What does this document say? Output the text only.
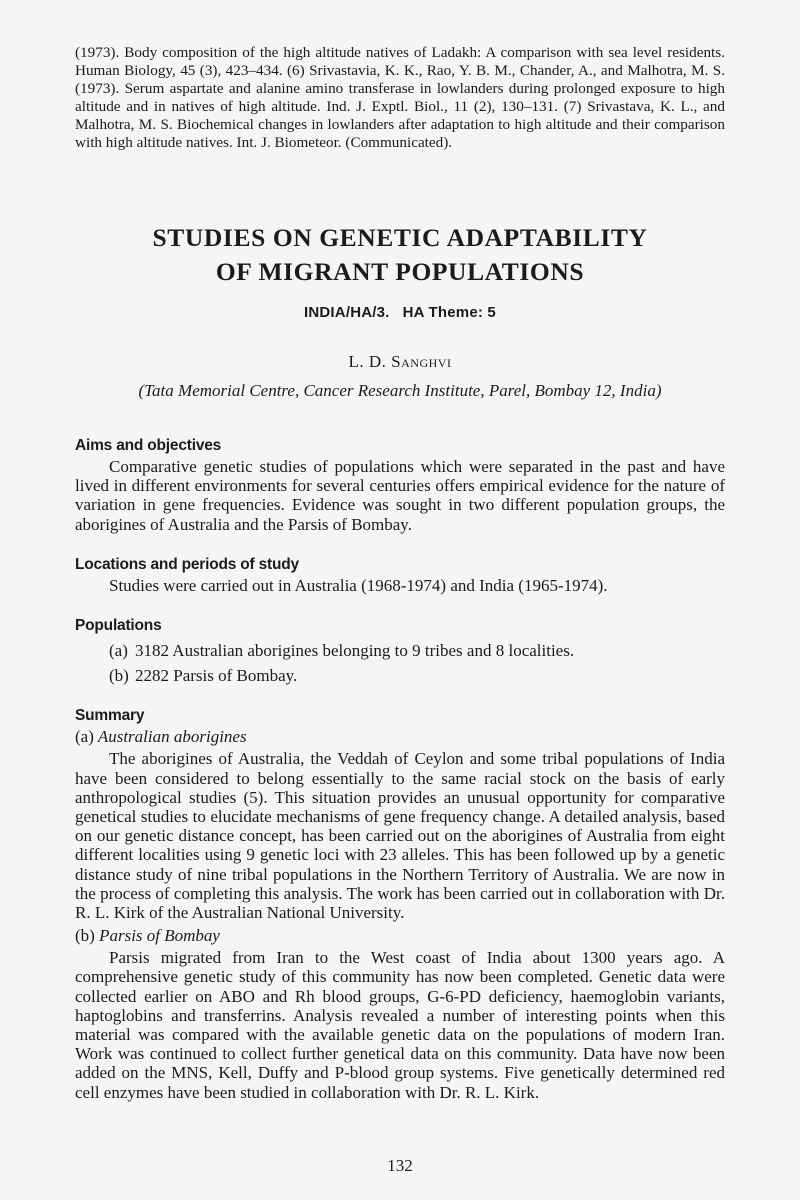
(1973). Body composition of the high altitude natives of Ladakh: A comparison with sea level residents. Human Biology, 45 (3), 423–434. (6) Srivastavia, K. K., Rao, Y. B. M., Chander, A., and Malhotra, M. S. (1973). Serum aspartate and alanine amino transferase in lowlanders during prolonged exposure to high altitude and in natives of high altitude. Ind. J. Exptl. Biol., 11 (2), 130–131. (7) Srivastava, K. L., and Malhotra, M. S. Biochemical changes in lowlanders after adaptation to high altitude and their comparison with high altitude natives. Int. J. Biometeor. (Communicated).

STUDIES ON GENETIC ADAPTABILITY
OF MIGRANT POPULATIONS
INDIA/HA/3.   HA Theme: 5
L. D. Sanghvi
(Tata Memorial Centre, Cancer Research Institute, Parel, Bombay 12, India)
Aims and objectives

Comparative genetic studies of populations which were separated in the past and have lived in different environments for several centuries offers empirical evidence for the nature of variation in gene frequencies. Evidence was sought in two different population groups, the aborigines of Australia and the Parsis of Bombay.

Locations and periods of study

Studies were carried out in Australia (1968-1974) and India (1965-1974).

Populations
(a) 3182 Australian aborigines belonging to 9 tribes and 8 localities.
(b) 2282 Parsis of Bombay.
Summary
(a) Australian aborigines

The aborigines of Australia, the Veddah of Ceylon and some tribal populations of India have been considered to belong essentially to the same racial stock on the basis of early anthropological studies (5). This situation provides an unusual opportunity for comparative genetical studies to elucidate mechanisms of gene frequency change. A detailed analysis, based on our genetic distance concept, has been carried out on the aborigines of Australia from eight different localities using 9 genetic loci with 23 alleles. This has been followed up by a genetic distance study of nine tribal populations in the Northern Territory of Australia. We are now in the process of completing this analysis. The work has been carried out in collaboration with Dr. R. L. Kirk of the Australian National University.

(b) Parsis of Bombay

Parsis migrated from Iran to the West coast of India about 1300 years ago. A comprehensive genetic study of this community has now been completed. Genetic data were collected earlier on ABO and Rh blood groups, G-6-PD deficiency, haemoglobin variants, haptoglobins and transferrins. Analysis revealed a number of interesting points when this material was compared with the available genetic data on the populations of modern Iran. Work was continued to collect further genetical data on this community. Data have now been added on the MNS, Kell, Duffy and P-blood group systems. Five genetically determined red cell enzymes have been studied in collaboration with Dr. R. L. Kirk.

132
